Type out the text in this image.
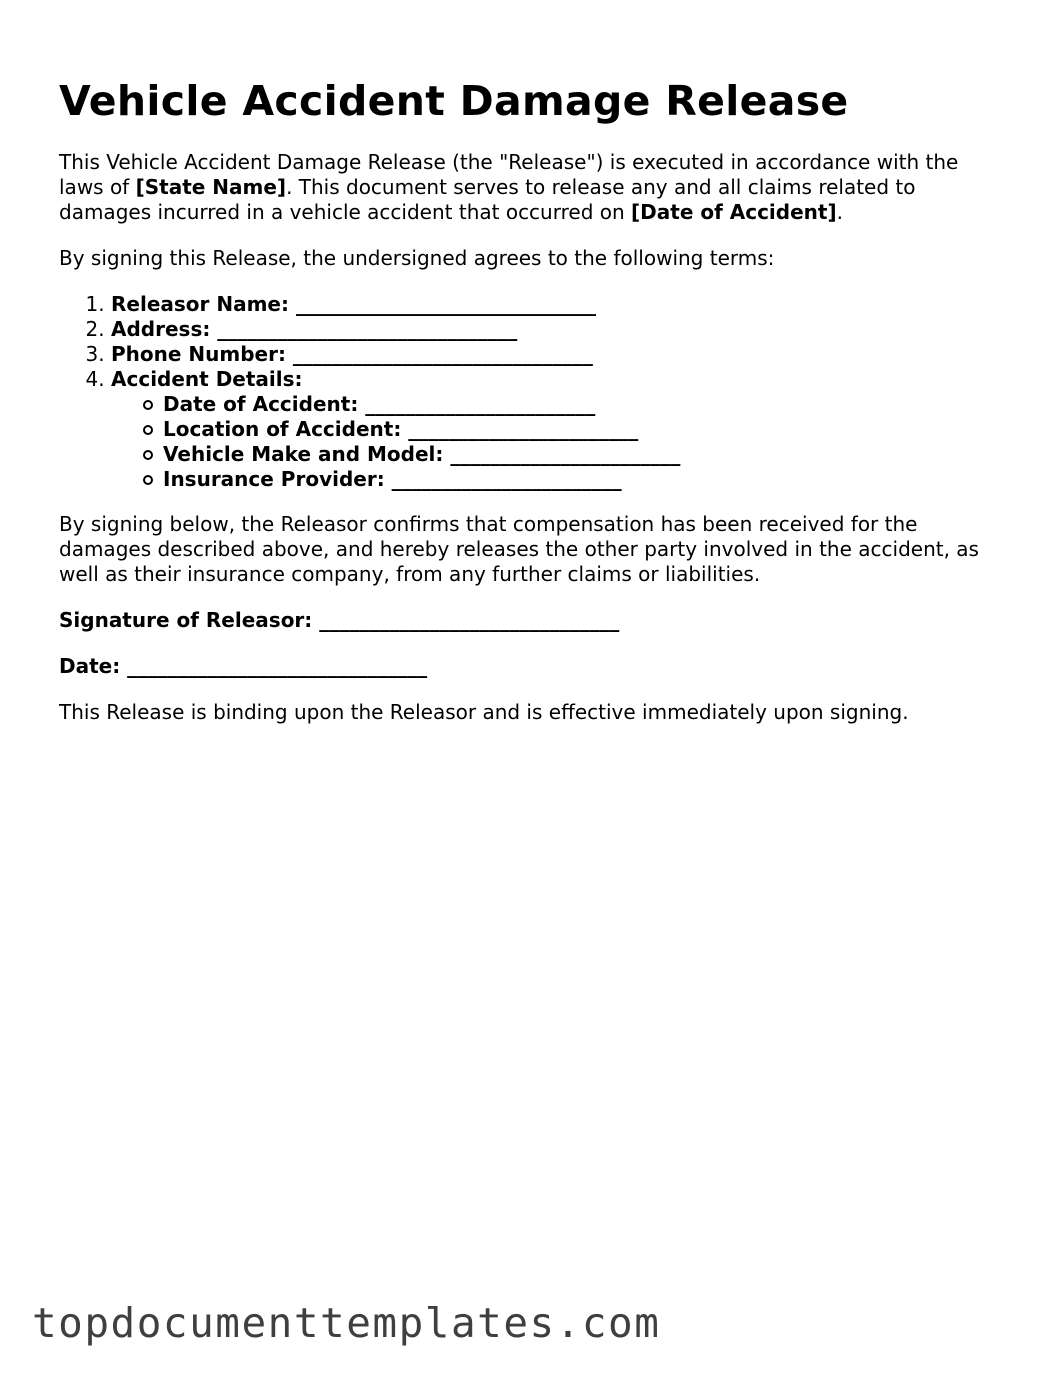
Vehicle Accident Damage Release

This Vehicle Accident Damage Release (the "Release") is executed in accordance with the laws of [State Name]. This document serves to release any and all claims related to damages incurred in a vehicle accident that occurred on [Date of Accident].

By signing this Release, the undersigned agrees to the following terms:

1. Releasor Name: ______________________________
2. Address: ______________________________
3. Phone Number: ______________________________
4. Accident Details:
Date of Accident: _______________________
Location of Accident: _______________________
Vehicle Make and Model: _______________________
Insurance Provider: _______________________

By signing below, the Releasor confirms that compensation has been received for the damages described above, and hereby releases the other party involved in the accident, as well as their insurance company, from any further claims or liabilities.

Signature of Releasor: ______________________________

Date: ______________________________

This Release is binding upon the Releasor and is effective immediately upon signing.

topdocumenttemplates.com
